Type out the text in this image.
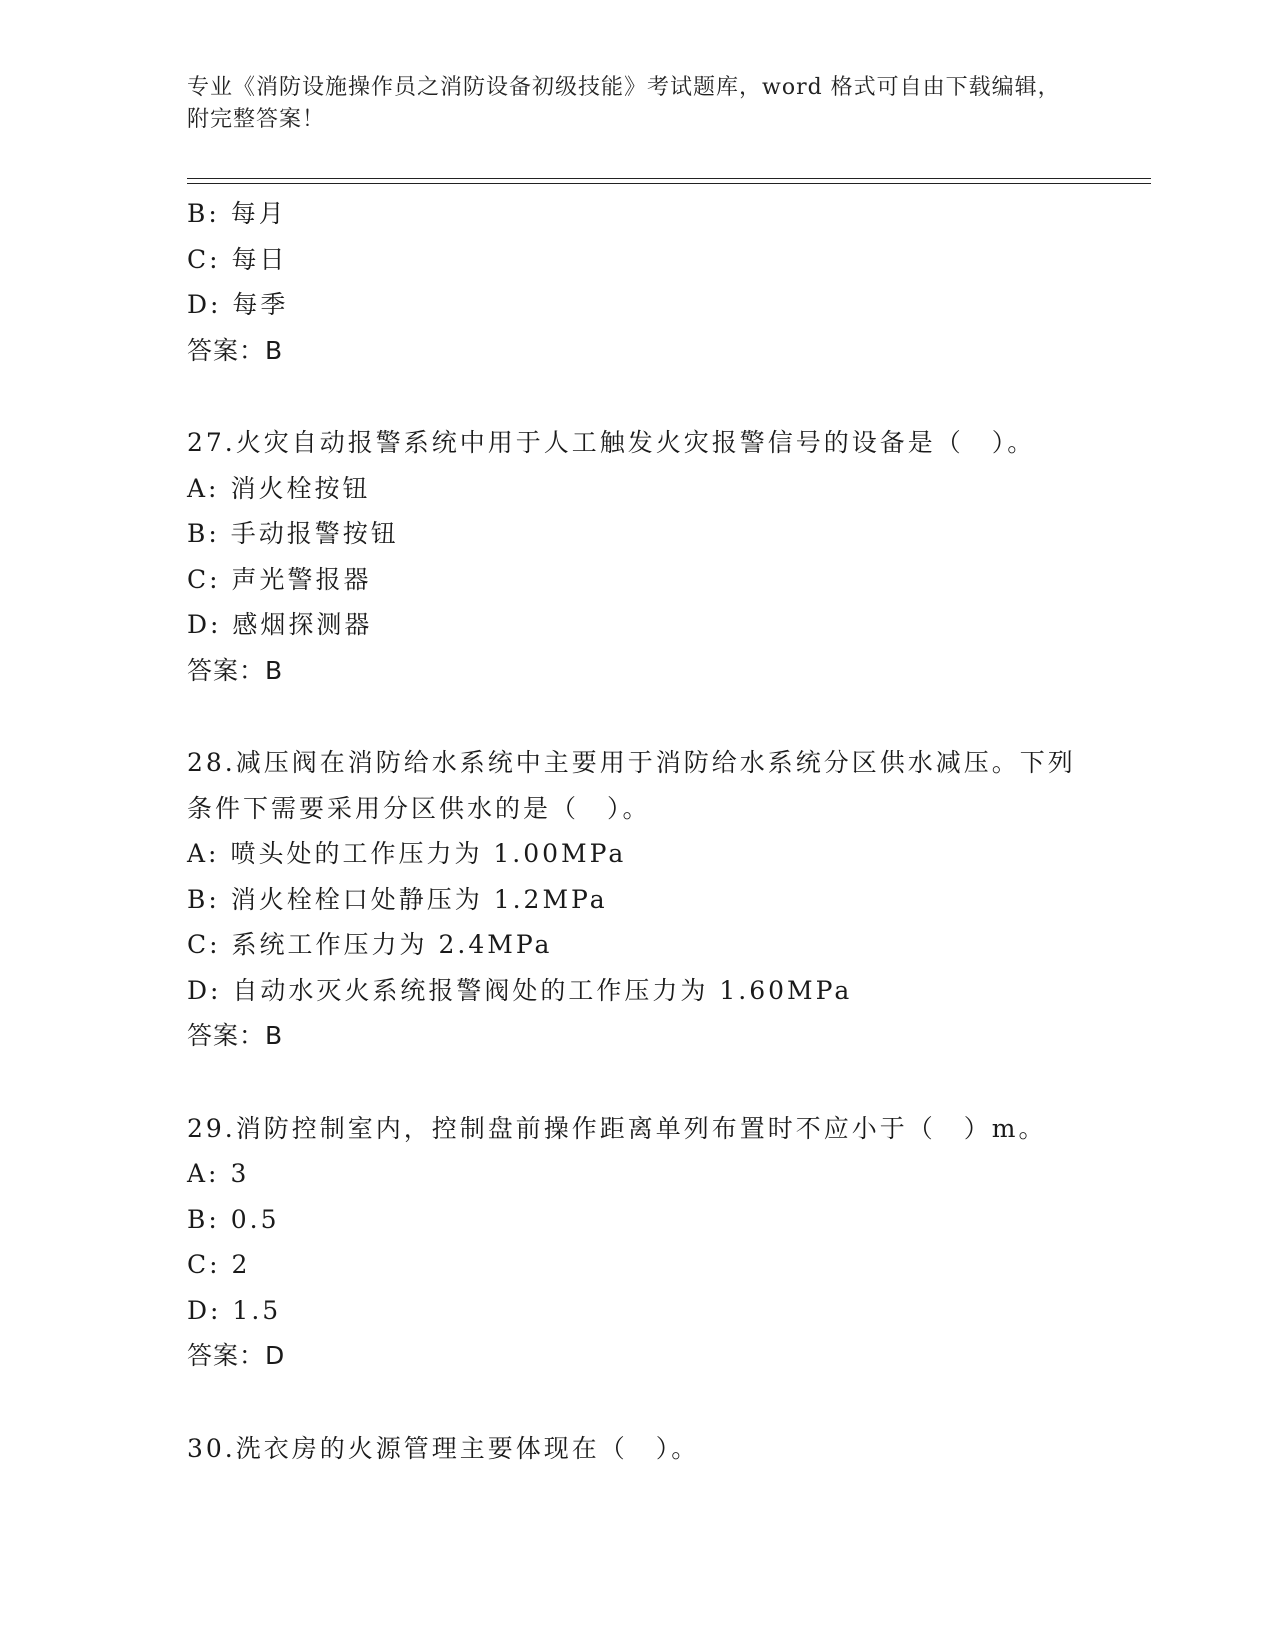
专业《消防设施操作员之消防设备初级技能》考试题库，word 格式可自由下载编辑，附完整答案！
B: 每月
C: 每日
D: 每季
答案：B
27.火灾自动报警系统中用于人工触发火灾报警信号的设备是（　）。
A: 消火栓按钮
B: 手动报警按钮
C: 声光警报器
D: 感烟探测器
答案：B
28.减压阀在消防给水系统中主要用于消防给水系统分区供水减压。下列条件下需要采用分区供水的是（　）。
A: 喷头处的工作压力为 1.00MPa
B: 消火栓栓口处静压为 1.2MPa
C: 系统工作压力为 2.4MPa
D: 自动水灭火系统报警阀处的工作压力为 1.60MPa
答案：B
29.消防控制室内，控制盘前操作距离单列布置时不应小于（　）m。
A: 3
B: 0.5
C: 2
D: 1.5
答案：D
30.洗衣房的火源管理主要体现在（　）。
